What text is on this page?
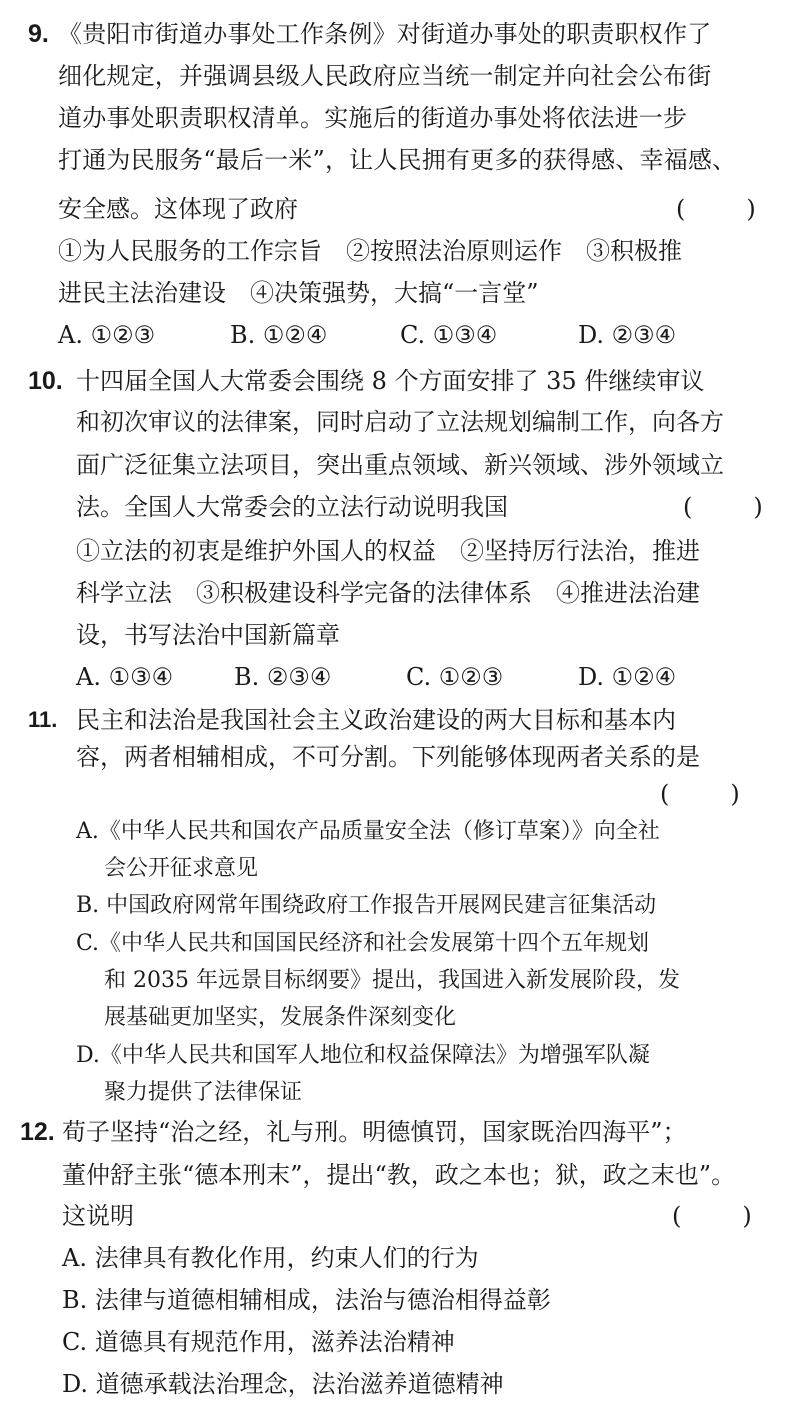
9. 《贵阳市街道办事处工作条例》对街道办事处的职责职权作了
细化规定，并强调县级人民政府应当统一制定并向社会公布街
道办事处职责职权清单。实施后的街道办事处将依法进一步
打通为民服务“最后一米”，让人民拥有更多的获得感、幸福感、
安全感。这体现了政府	(        )
①为人民服务的工作宗旨　②按照法治原则运作　③积极推
进民主法治建设　④决策强势，大搞“一言堂”
A. ①②③	B. ①②④	C. ①③④	D. ②③④
10. 十四届全国人大常委会围绕 8 个方面安排了 35 件继续审议
和初次审议的法律案，同时启动了立法规划编制工作，向各方
面广泛征集立法项目，突出重点领域、新兴领域、涉外领域立
法。全国人大常委会的立法行动说明我国	(        )
①立法的初衷是维护外国人的权益　②坚持厉行法治，推进
科学立法　③积极建设科学完备的法律体系　④推进法治建
设，书写法治中国新篇章
A. ①③④	B. ②③④	C. ①②③	D. ①②④
11. 民主和法治是我国社会主义政治建设的两大目标和基本内
容，两者相辅相成，不可分割。下列能够体现两者关系的是
(        )
A.《中华人民共和国农产品质量安全法（修订草案）》向全社
会公开征求意见
B. 中国政府网常年围绕政府工作报告开展网民建言征集活动
C.《中华人民共和国国民经济和社会发展第十四个五年规划
和 2035 年远景目标纲要》提出，我国进入新发展阶段，发
展基础更加坚实，发展条件深刻变化
D.《中华人民共和国军人地位和权益保障法》为增强军队凝
聚力提供了法律保证
12. 荀子坚持“治之经，礼与刑。明德慎罚，国家既治四海平”；
董仲舒主张“德本刑末”，提出“教，政之本也；狱，政之末也”。
这说明	(        )
A. 法律具有教化作用，约束人们的行为
B. 法律与道德相辅相成，法治与德治相得益彰
C. 道德具有规范作用，滋养法治精神
D. 道德承载法治理念，法治滋养道德精神
